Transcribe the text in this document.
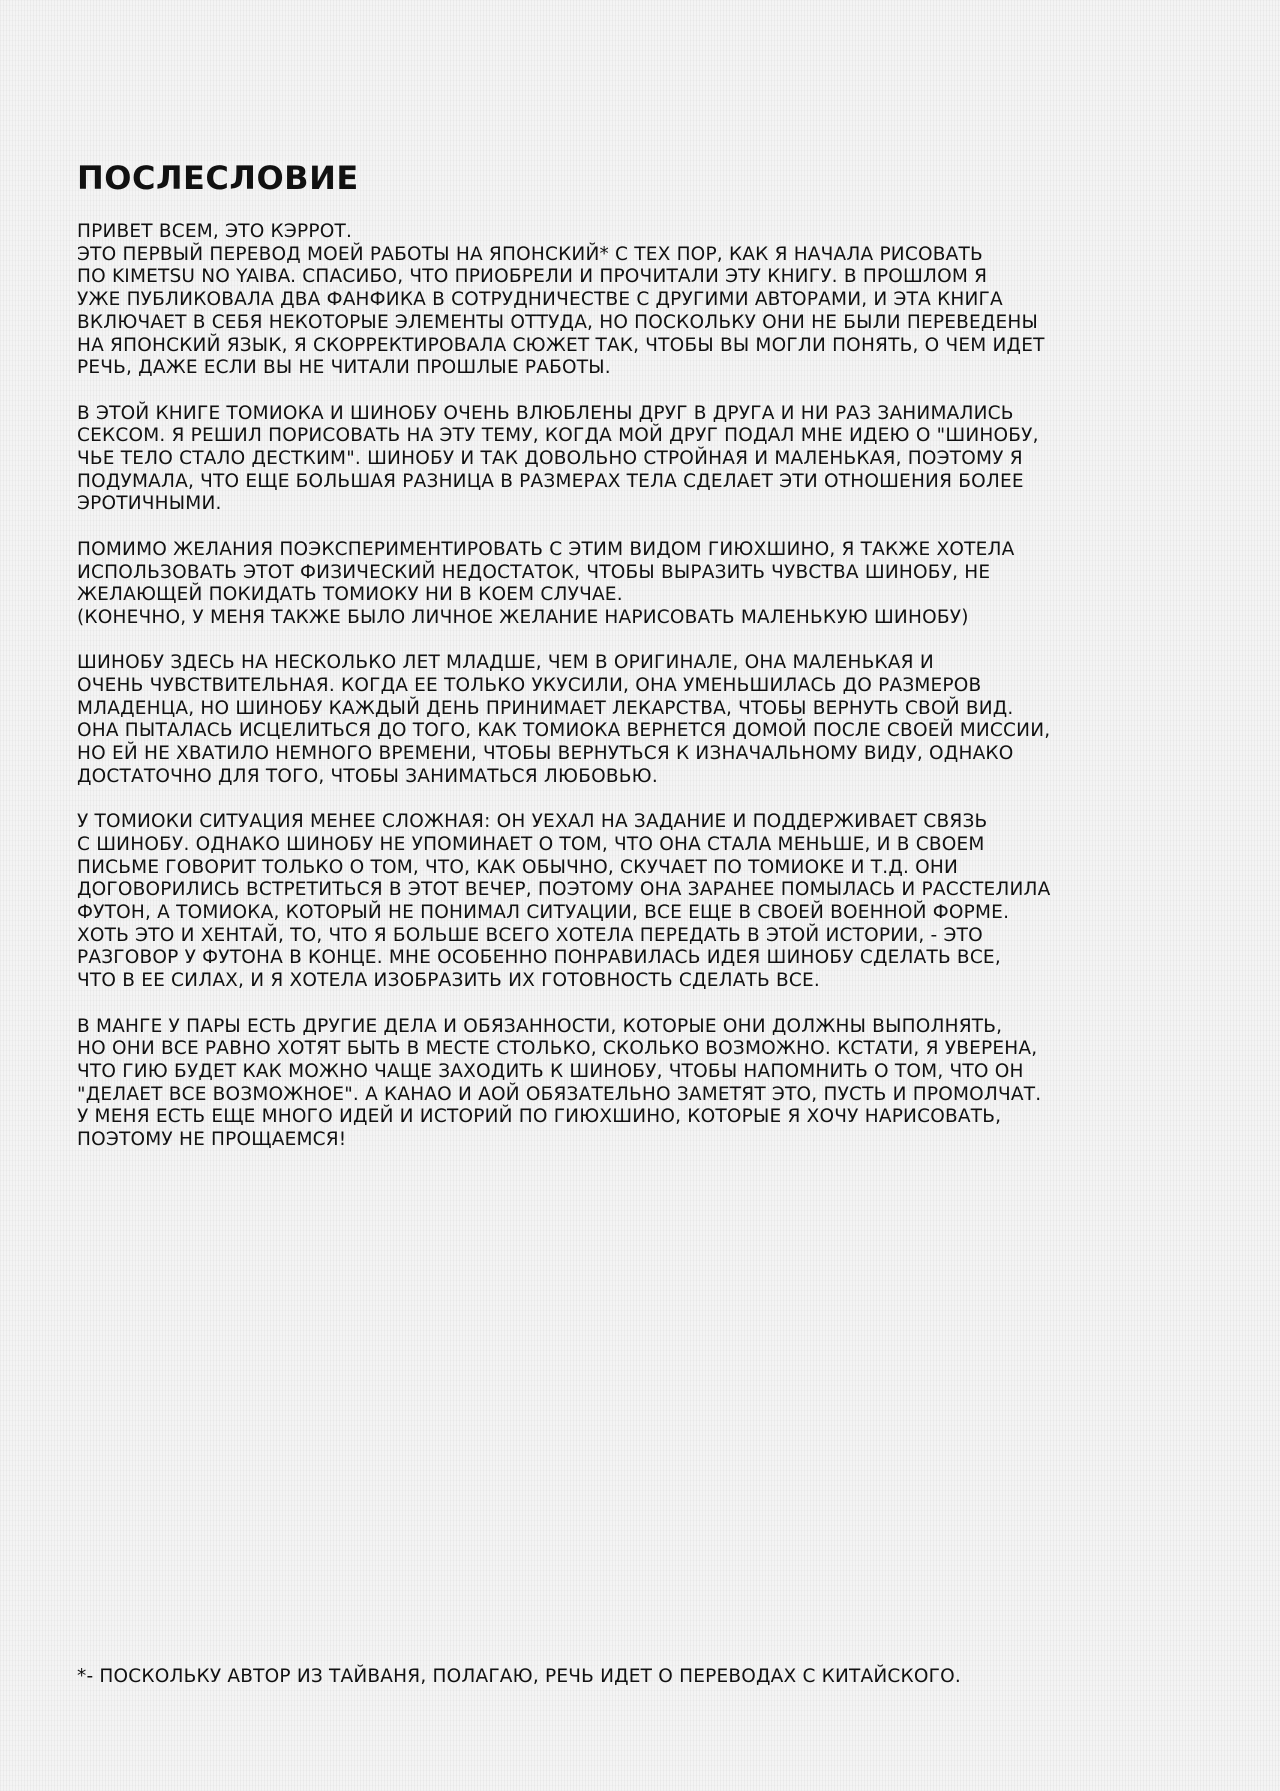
ПОСЛЕСЛОВИЕ

ПРИВЕТ ВСЕМ, ЭТО КЭРРОТ.
ЭТО ПЕРВЫЙ ПЕРЕВОД МОЕЙ РАБОТЫ НА ЯПОНСКИЙ* С ТЕХ ПОР, КАК Я НАЧАЛА РИСОВАТЬ
ПО KIMETSU NO YAIBA. СПАСИБО, ЧТО ПРИОБРЕЛИ И ПРОЧИТАЛИ ЭТУ КНИГУ. В ПРОШЛОМ Я
УЖЕ ПУБЛИКОВАЛА ДВА ФАНФИКА В СОТРУДНИЧЕСТВЕ С ДРУГИМИ АВТОРАМИ, И ЭТА КНИГА
ВКЛЮЧАЕТ В СЕБЯ НЕКОТОРЫЕ ЭЛЕМЕНТЫ ОТТУДА, НО ПОСКОЛЬКУ ОНИ НЕ БЫЛИ ПЕРЕВЕДЕНЫ
НА ЯПОНСКИЙ ЯЗЫК, Я СКОРРЕКТИРОВАЛА СЮЖЕТ ТАК, ЧТОБЫ ВЫ МОГЛИ ПОНЯТЬ, О ЧЕМ ИДЕТ
РЕЧЬ, ДАЖЕ ЕСЛИ ВЫ НЕ ЧИТАЛИ ПРОШЛЫЕ РАБОТЫ.

В ЭТОЙ КНИГЕ ТОМИОКА И ШИНОБУ ОЧЕНЬ ВЛЮБЛЕНЫ ДРУГ В ДРУГА И НИ РАЗ ЗАНИМАЛИСЬ
СЕКСОМ. Я РЕШИЛ ПОРИСОВАТЬ НА ЭТУ ТЕМУ, КОГДА МОЙ ДРУГ ПОДАЛ МНЕ ИДЕЮ О "ШИНОБУ,
ЧЬЕ ТЕЛО СТАЛО ДЕСТКИМ". ШИНОБУ И ТАК ДОВОЛЬНО СТРОЙНАЯ И МАЛЕНЬКАЯ, ПОЭТОМУ Я
ПОДУМАЛА, ЧТО ЕЩЕ БОЛЬШАЯ РАЗНИЦА В РАЗМЕРАХ ТЕЛА СДЕЛАЕТ ЭТИ ОТНОШЕНИЯ БОЛЕЕ
ЭРОТИЧНЫМИ.

ПОМИМО ЖЕЛАНИЯ ПОЭКСПЕРИМЕНТИРОВАТЬ С ЭТИМ ВИДОМ ГИЮXШИНО, Я ТАКЖЕ ХОТЕЛА
ИСПОЛЬЗОВАТЬ ЭТОТ ФИЗИЧЕСКИЙ НЕДОСТАТОК, ЧТОБЫ ВЫРАЗИТЬ ЧУВСТВА ШИНОБУ, НЕ
ЖЕЛАЮЩЕЙ ПОКИДАТЬ ТОМИОКУ НИ В КОЕМ СЛУЧАЕ.
(КОНЕЧНО, У МЕНЯ ТАКЖЕ БЫЛО ЛИЧНОЕ ЖЕЛАНИЕ НАРИСОВАТЬ МАЛЕНЬКУЮ ШИНОБУ)

ШИНОБУ ЗДЕСЬ НА НЕСКОЛЬКО ЛЕТ МЛАДШЕ, ЧЕМ В ОРИГИНАЛЕ, ОНА МАЛЕНЬКАЯ И
ОЧЕНЬ ЧУВСТВИТЕЛЬНАЯ. КОГДА ЕЕ ТОЛЬКО УКУСИЛИ, ОНА УМЕНЬШИЛАСЬ ДО РАЗМЕРОВ
МЛАДЕНЦА, НО ШИНОБУ КАЖДЫЙ ДЕНЬ ПРИНИМАЕТ ЛЕКАРСТВА, ЧТОБЫ ВЕРНУТЬ СВОЙ ВИД.
ОНА ПЫТАЛАСЬ ИСЦЕЛИТЬСЯ ДО ТОГО, КАК ТОМИОКА ВЕРНЕТСЯ ДОМОЙ ПОСЛЕ СВОЕЙ МИССИИ,
НО ЕЙ НЕ ХВАТИЛО НЕМНОГО ВРЕМЕНИ, ЧТОБЫ ВЕРНУТЬСЯ К ИЗНАЧАЛЬНОМУ ВИДУ, ОДНАКО
ДОСТАТОЧНО ДЛЯ ТОГО, ЧТОБЫ ЗАНИМАТЬСЯ ЛЮБОВЬЮ.

У ТОМИОКИ СИТУАЦИЯ МЕНЕЕ СЛОЖНАЯ: ОН УЕХАЛ НА ЗАДАНИЕ И ПОДДЕРЖИВАЕТ СВЯЗЬ
С ШИНОБУ. ОДНАКО ШИНОБУ НЕ УПОМИНАЕТ О ТОМ, ЧТО ОНА СТАЛА МЕНЬШЕ, И В СВОЕМ
ПИСЬМЕ ГОВОРИТ ТОЛЬКО О ТОМ, ЧТО, КАК ОБЫЧНО, СКУЧАЕТ ПО ТОМИОКЕ И Т.Д. ОНИ
ДОГОВОРИЛИСЬ ВСТРЕТИТЬСЯ В ЭТОТ ВЕЧЕР, ПОЭТОМУ ОНА ЗАРАНЕЕ ПОМЫЛАСЬ И РАССТЕЛИЛА
ФУТОН, А ТОМИОКА, КОТОРЫЙ НЕ ПОНИМАЛ СИТУАЦИИ, ВСЕ ЕЩЕ В СВОЕЙ ВОЕННОЙ ФОРМЕ.
ХОТЬ ЭТО И ХЕНТАЙ, ТО, ЧТО Я БОЛЬШЕ ВСЕГО ХОТЕЛА ПЕРЕДАТЬ В ЭТОЙ ИСТОРИИ, - ЭТО
РАЗГОВОР У ФУТОНА В КОНЦЕ. МНЕ ОСОБЕННО ПОНРАВИЛАСЬ ИДЕЯ ШИНОБУ СДЕЛАТЬ ВСЕ,
ЧТО В ЕЕ СИЛАХ, И Я ХОТЕЛА ИЗОБРАЗИТЬ ИХ ГОТОВНОСТЬ СДЕЛАТЬ ВСЕ.

В МАНГЕ У ПАРЫ ЕСТЬ ДРУГИЕ ДЕЛА И ОБЯЗАННОСТИ, КОТОРЫЕ ОНИ ДОЛЖНЫ ВЫПОЛНЯТЬ,
НО ОНИ ВСЕ РАВНО ХОТЯТ БЫТЬ В МЕСТЕ СТОЛЬКО, СКОЛЬКО ВОЗМОЖНО. КСТАТИ, Я УВЕРЕНА,
ЧТО ГИЮ БУДЕТ КАК МОЖНО ЧАЩЕ ЗАХОДИТЬ К ШИНОБУ, ЧТОБЫ НАПОМНИТЬ О ТОМ, ЧТО ОН
"ДЕЛАЕТ ВСЕ ВОЗМОЖНОЕ". А КАНАО И АОЙ ОБЯЗАТЕЛЬНО ЗАМЕТЯТ ЭТО, ПУСТЬ И ПРОМОЛЧАТ.
У МЕНЯ ЕСТЬ ЕЩЕ МНОГО ИДЕЙ И ИСТОРИЙ ПО ГИЮXШИНО, КОТОРЫЕ Я ХОЧУ НАРИСОВАТЬ,
ПОЭТОМУ НЕ ПРОЩАЕМСЯ!

*- ПОСКОЛЬКУ АВТОР ИЗ ТАЙВАНЯ, ПОЛАГАЮ, РЕЧЬ ИДЕТ О ПЕРЕВОДАХ С КИТАЙСКОГО.
